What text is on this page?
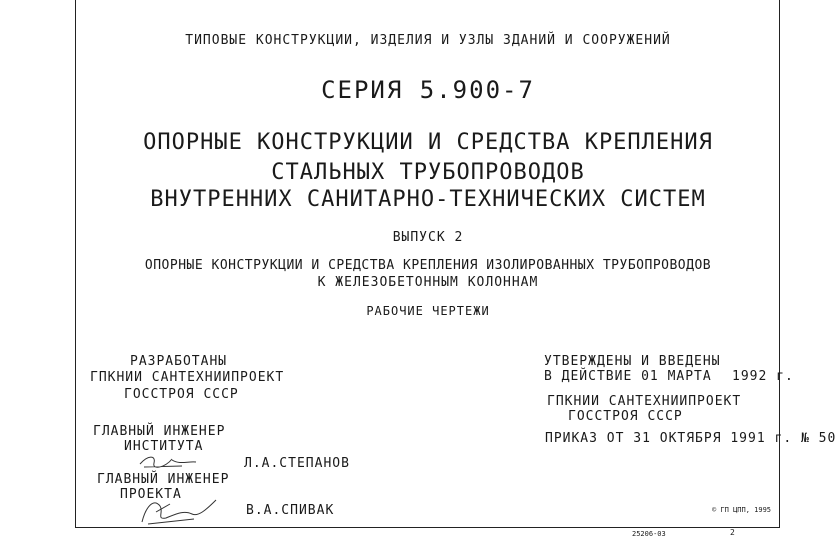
ТИПОВЫЕ КОНСТРУКЦИИ, ИЗДЕЛИЯ И УЗЛЫ ЗДАНИЙ И СООРУЖЕНИЙ
СЕРИЯ 5.900-7
ОПОРНЫЕ КОНСТРУКЦИИ И СРЕДСТВА КРЕПЛЕНИЯ
СТАЛЬНЫХ ТРУБОПРОВОДОВ
ВНУТРЕННИХ САНИТАРНО-ТЕХНИЧЕСКИХ СИСТЕМ
ВЫПУСК 2
ОПОРНЫЕ КОНСТРУКЦИИ И СРЕДСТВА КРЕПЛЕНИЯ ИЗОЛИРОВАННЫХ ТРУБОПРОВОДОВ
К ЖЕЛЕЗОБЕТОННЫМ КОЛОННАМ
РАБОЧИЕ ЧЕРТЕЖИ
РАЗРАБОТАНЫ
ГПКНИИ САНТЕХНИИПРОЕКТ
ГОССТРОЯ СССР
ГЛАВНЫЙ ИНЖЕНЕР
ИНСТИТУТА
Л.А.СТЕПАНОВ
ГЛАВНЫЙ ИНЖЕНЕР
ПРОЕКТА
В.А.СПИВАК
УТВЕРЖДЕНЫ И ВВЕДЕНЫ
В ДЕЙСТВИЕ 01 МАРТА 1992 г.
ГПКНИИ САНТЕХНИИПРОЕКТ
ГОССТРОЯ СССР
ПРИКАЗ ОТ 31 ОКТЯБРЯ 1991 г. № 50
© ГП ЦПП, 1995
25206-03	2
